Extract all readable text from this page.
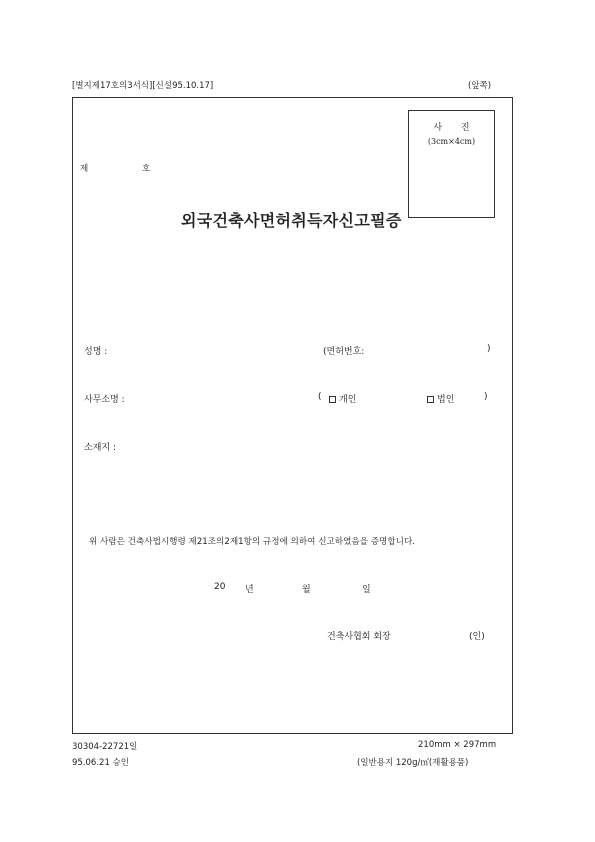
[별지제17호의3서식][신설95.10.17]	(앞쪽)
사 진
(3cm×4cm)
제	호
외국건축사면허취득자신고필증
성명 :	(면허번호:	)
사무소명 :	(	개인	법인	)
소재지 :
위 사람은 건축사법시행령 제21조의2제1항의 규정에 의하여 신고하였음을 증명합니다.
20 년	월	일
건축사협회 회장	(인)
30304-22721일
95.06.21 승인
210mm × 297mm
(일반용지 120g/㎡(재활용품)
